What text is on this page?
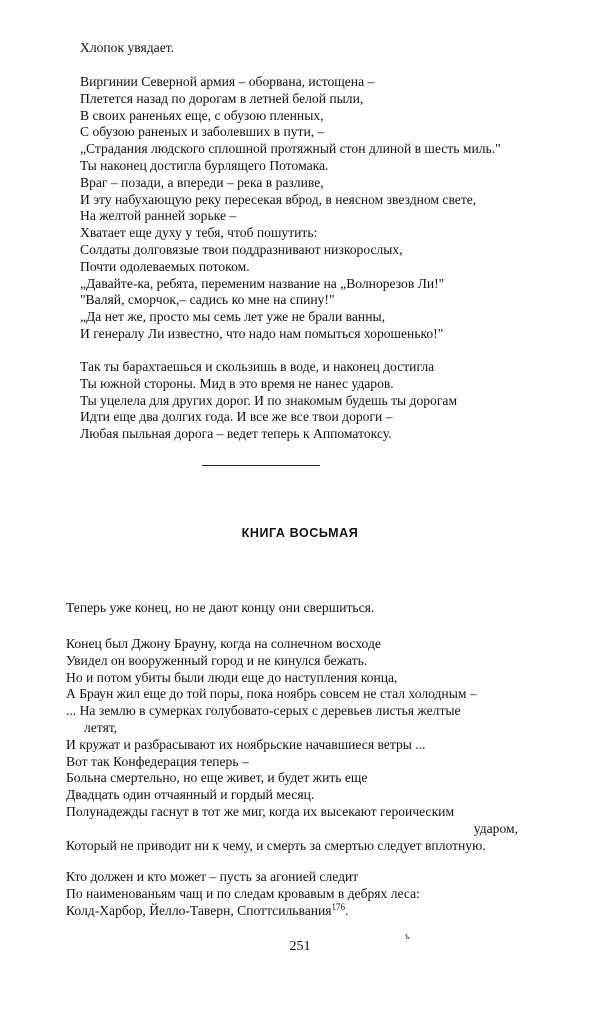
Хлопок увядает.
Виргинии Северной армия – оборвана, истощена –
Плетется назад по дорогам в летней белой пыли,
В своих раненьях еще, с обузою пленных,
С обузою раненых и заболевших в пути, –
„Страдания людского сплошной протяжный стон длиной в шесть миль."
Ты наконец достигла бурлящего Потомака.
Враг – позади, а впереди – река в разливе,
И эту набухающую реку пересекая вброд, в неясном звездном свете,
На желтой ранней зорьке –
Хватает еще духу у тебя, чтоб пошутить:
Солдаты долговязые твои поддразнивают низкорослых,
Почти одолеваемых потоком.
„Давайте-ка, ребята, переменим название на „Волнорезов Ли!"
"Валяй, сморчок,– садись ко мне на спину!"
„Да нет же, просто мы семь лет уже не брали ванны,
И генералу Ли известно, что надо нам помыться хорошенько!"
Так ты барахтаешься и скользишь в воде, и наконец достигла
Ты южной стороны. Мид в это время не нанес ударов.
Ты уцелела для других дорог. И по знакомым будешь ты дорогам
Идти еще два долгих года. И все же все твои дороги –
Любая пыльная дорога – ведет теперь к Аппоматоксу.
КНИГА ВОСЬМАЯ
Теперь уже конец, но не дают концу они свершиться.
Конец был Джону Брауну, когда на солнечном восходе
Увидел он вооруженный город и не кинулся бежать.
Но и потом убиты были люди еще до наступления конца,
А Браун жил еще до той поры, пока ноябрь совсем не стал холодным –
... На землю в сумерках голубовато-серых с деревьев листья желтые
летят,
И кружат и разбрасывают их ноябрьские начавшиеся ветры ...
Вот так Конфедерация теперь –
Больна смертельно, но еще живет, и будет жить еще
Двадцать один отчаянный и гордый месяц.
Полунадежды гаснут в тот же миг, когда их высекают героическим
ударом,
Который не приводит ни к чему, и смерть за смертью следует вплотную.
Кто должен и кто может – пусть за агонией следит
По наименованьям чащ и по следам кровавым в дебрях леса:
Колд-Харбор, Йелло-Таверн, Споттсильвания$^{176}$.
ъ
251
